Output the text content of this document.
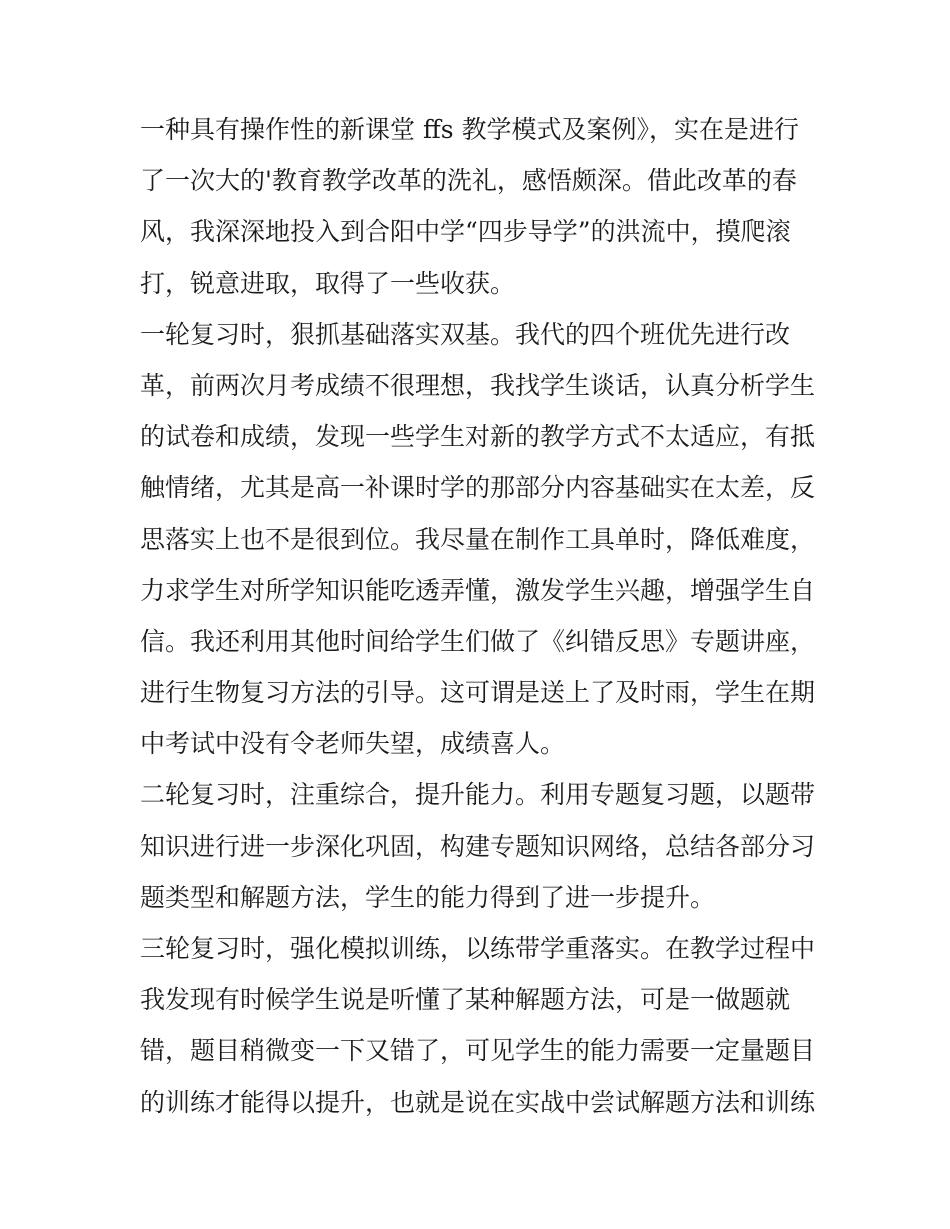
一种具有操作性的新课堂 ffs 教学模式及案例》，实在是进行
了一次大的'教育教学改革的洗礼，感悟颇深。借此改革的春
风，我深深地投入到合阳中学“四步导学”的洪流中，摸爬滚
打，锐意进取，取得了一些收获。
一轮复习时，狠抓基础落实双基。我代的四个班优先进行改
革，前两次月考成绩不很理想，我找学生谈话，认真分析学生
的试卷和成绩，发现一些学生对新的教学方式不太适应，有抵
触情绪，尤其是高一补课时学的那部分内容基础实在太差，反
思落实上也不是很到位。我尽量在制作工具单时，降低难度，
力求学生对所学知识能吃透弄懂，激发学生兴趣，增强学生自
信。我还利用其他时间给学生们做了《纠错反思》专题讲座，
进行生物复习方法的引导。这可谓是送上了及时雨，学生在期
中考试中没有令老师失望，成绩喜人。
二轮复习时，注重综合，提升能力。利用专题复习题，以题带
知识进行进一步深化巩固，构建专题知识网络，总结各部分习
题类型和解题方法，学生的能力得到了进一步提升。
三轮复习时，强化模拟训练，以练带学重落实。在教学过程中
我发现有时候学生说是听懂了某种解题方法，可是一做题就
错，题目稍微变一下又错了，可见学生的能力需要一定量题目
的训练才能得以提升，也就是说在实战中尝试解题方法和训练
